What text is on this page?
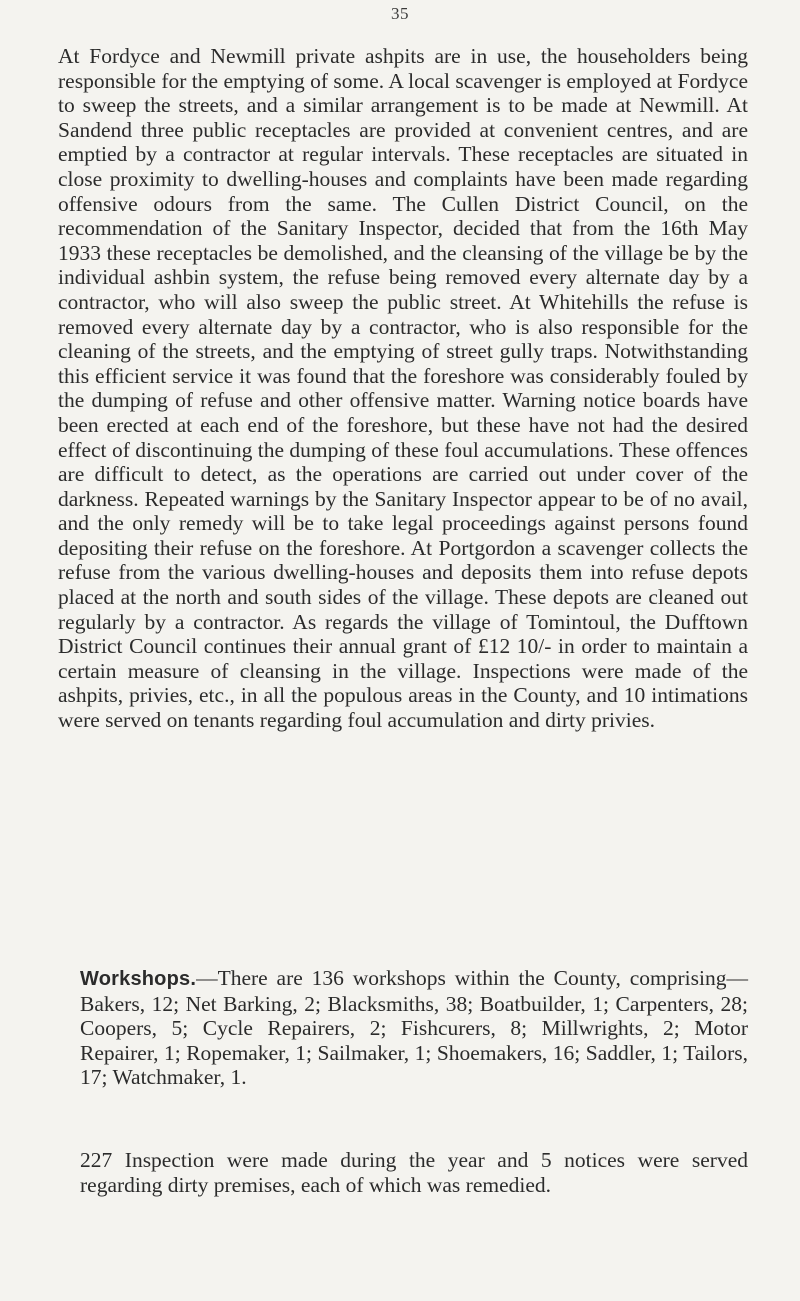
35

At Fordyce and Newmill private ashpits are in use, the householders being responsible for the emptying of some. A local scavenger is employed at Fordyce to sweep the streets, and a similar arrangement is to be made at Newmill. At Sandend three public receptacles are provided at convenient centres, and are emptied by a contractor at regular intervals. These receptacles are situated in close proximity to dwelling-houses and complaints have been made regarding offensive odours from the same. The Cullen District Council, on the recommendation of the Sanitary Inspector, decided that from the 16th May 1933 these receptacles be demolished, and the cleansing of the village be by the individual ashbin system, the refuse being removed every alternate day by a contractor, who will also sweep the public street. At Whitehills the refuse is removed every alternate day by a contractor, who is also responsible for the cleaning of the streets, and the emptying of street gully traps. Notwithstanding this efficient service it was found that the foreshore was considerably fouled by the dumping of refuse and other offensive matter. Warning notice boards have been erected at each end of the foreshore, but these have not had the desired effect of discontinuing the dumping of these foul accumulations. These offences are difficult to detect, as the operations are carried out under cover of the darkness. Repeated warnings by the Sanitary Inspector appear to be of no avail, and the only remedy will be to take legal proceedings against persons found depositing their refuse on the foreshore. At Portgordon a scavenger collects the refuse from the various dwelling-houses and deposits them into refuse depots placed at the north and south sides of the village. These depots are cleaned out regularly by a contractor. As regards the village of Tomintoul, the Dufftown District Council continues their annual grant of £12 10/- in order to maintain a certain measure of cleansing in the village. Inspections were made of the ashpits, privies, etc., in all the populous areas in the County, and 10 intimations were served on tenants regarding foul accumulation and dirty privies.

Workshops.—There are 136 workshops within the County, comprising—Bakers, 12; Net Barking, 2; Blacksmiths, 38; Boatbuilder, 1; Carpenters, 28; Coopers, 5; Cycle Repairers, 2; Fishcurers, 8; Millwrights, 2; Motor Repairer, 1; Ropemaker, 1; Sailmaker, 1; Shoemakers, 16; Saddler, 1; Tailors, 17; Watchmaker, 1.

227 Inspection were made during the year and 5 notices were served regarding dirty premises, each of which was remedied.
